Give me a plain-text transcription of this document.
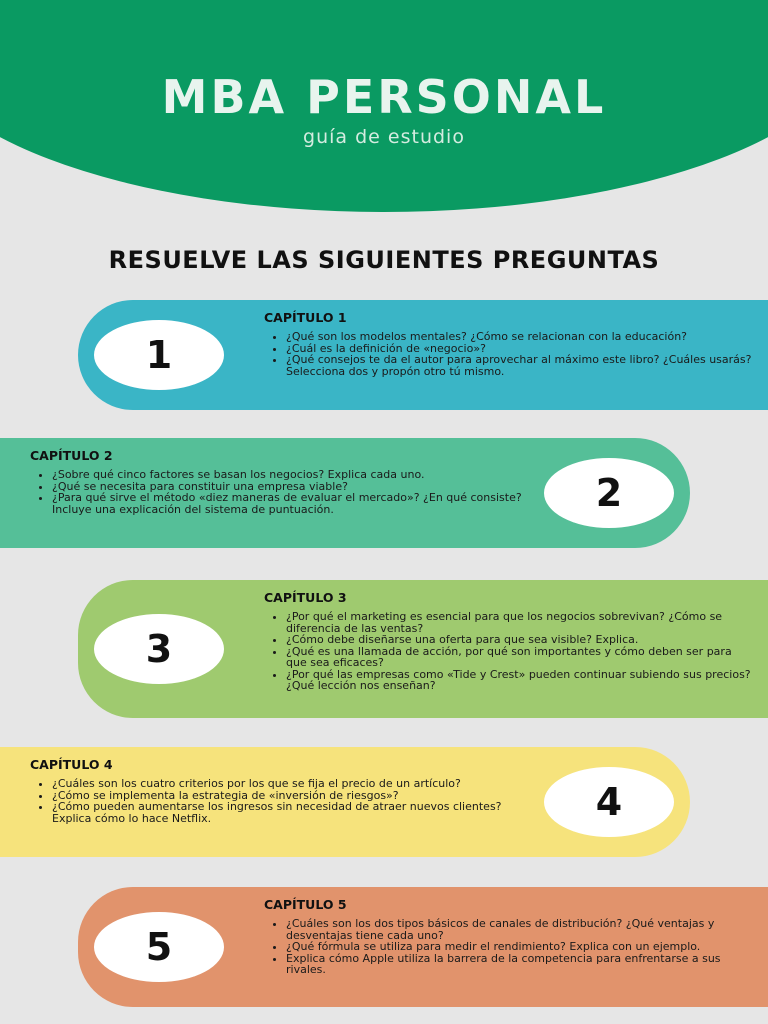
MBA PERSONAL

guía de estudio

RESUELVE LAS SIGUIENTES PREGUNTAS
1

CAPÍTULO 1

• ¿Qué son los modelos mentales? ¿Cómo se relacionan con la educación?
• ¿Cuál es la definición de «negocio»?
• ¿Qué consejos te da el autor para aprovechar al máximo este libro? ¿Cuáles usarás? Selecciona dos y propón otro tú mismo.
2

CAPÍTULO 2

• ¿Sobre qué cinco factores se basan los negocios? Explica cada uno.
• ¿Qué se necesita para constituir una empresa viable?
• ¿Para qué sirve el método «diez maneras de evaluar el mercado»? ¿En qué consiste? Incluye una explicación del sistema de puntuación.
3

CAPÍTULO 3

• ¿Por qué el marketing es esencial para que los negocios sobrevivan? ¿Cómo se diferencia de las ventas?
• ¿Cómo debe diseñarse una oferta para que sea visible? Explica.
• ¿Qué es una llamada de acción, por qué son importantes y cómo deben ser para que sea eficaces?
• ¿Por qué las empresas como «Tide y Crest» pueden continuar subiendo sus precios? ¿Qué lección nos enseñan?
4

CAPÍTULO 4

• ¿Cuáles son los cuatro criterios por los que se fija el precio de un artículo?
• ¿Cómo se implementa la estrategia de «inversión de riesgos»?
• ¿Cómo pueden aumentarse los ingresos sin necesidad de atraer nuevos clientes? Explica cómo lo hace Netflix.
5

CAPÍTULO 5

• ¿Cuáles son los dos tipos básicos de canales de distribución? ¿Qué ventajas y desventajas tiene cada uno?
• ¿Qué fórmula se utiliza para medir el rendimiento? Explica con un ejemplo.
• Explica cómo Apple utiliza la barrera de la competencia para enfrentarse a sus rivales.
